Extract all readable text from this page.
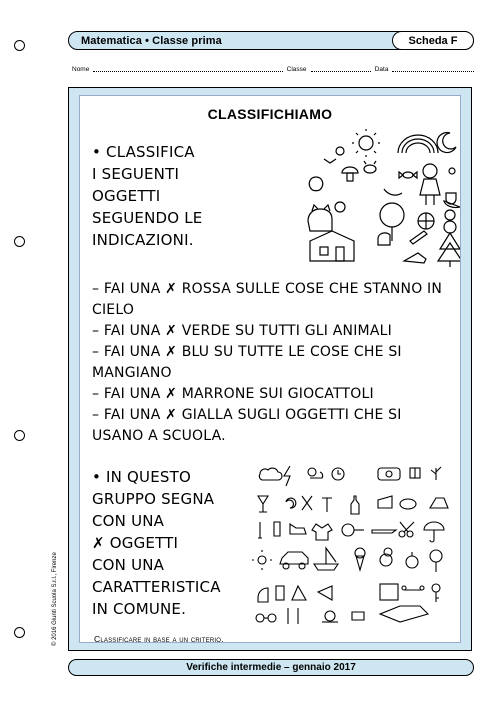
Matematica • Classe prima	Scheda F
Nome	Classe	Data
CLASSIFICHIAMO
• CLASSIFICA
I SEGUENTI
OGGETTI
SEGUENDO LE
INDICAZIONI.
– FAI UNA ✗ ROSSA SULLE COSE CHE STANNO IN CIELO
– FAI UNA ✗ VERDE SU TUTTI GLI ANIMALI
– FAI UNA ✗ BLU SU TUTTE LE COSE CHE SI MANGIANO
– FAI UNA ✗ MARRONE SUI GIOCATTOLI
– FAI UNA ✗ GIALLA SUGLI OGGETTI CHE SI USANO A SCUOLA.
• IN QUESTO
GRUPPO SEGNA
CON UNA
✗ OGGETTI
CON UNA
CARATTERISTICA
IN COMUNE.
Classificare in base a un criterio.
© 2016 Giunti Scuola S.r.l., Firenze
Verifiche intermedie – gennaio 2017
